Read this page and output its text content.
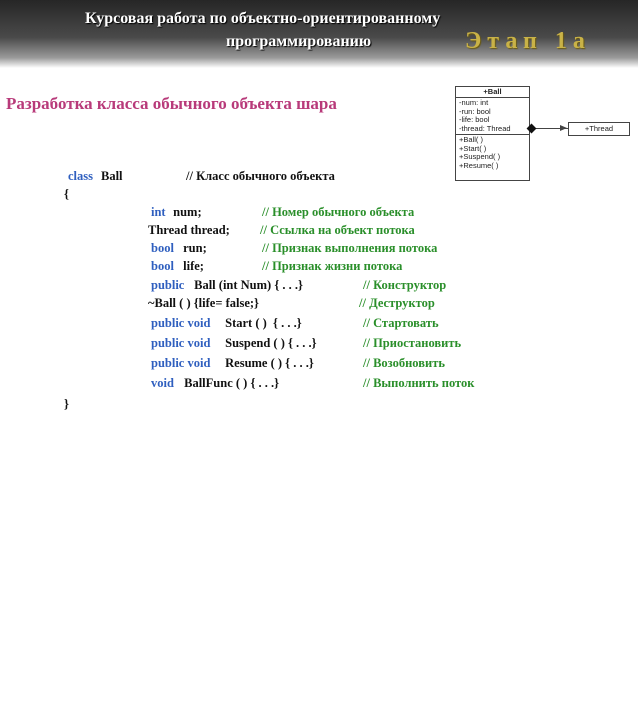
Курсовая работа по объектно-ориентированному
программированию	Этап 1а
Разработка класса обычного объекта шара
+Ball
-num: int
-run: bool
-life: bool
-thread: Thread
+Ball( )
+Start( )
+Suspend( )
+Resume( )
+Thread

class

Ball

	// Класс обычного объекта

{

int

num;

	// Номер обычного объекта

Thread thread;

// Ссылка на объект потока

bool

run;

	// Признак выполнения потока

bool

life;

	// Признак жизни потока

public

Ball (int Num) { . . .}

	// Конструктор

~Ball ( ) {life= false;}

	// Деструктор

public void

Start ( )  { . . .}

	// Стартовать

public void

Suspend ( ) { . . .}

	// Приостановить

public void

Resume ( ) { . . .}

	// Возобновить

void

BallFunc ( ) { . . .}

	// Выполнить поток

}
